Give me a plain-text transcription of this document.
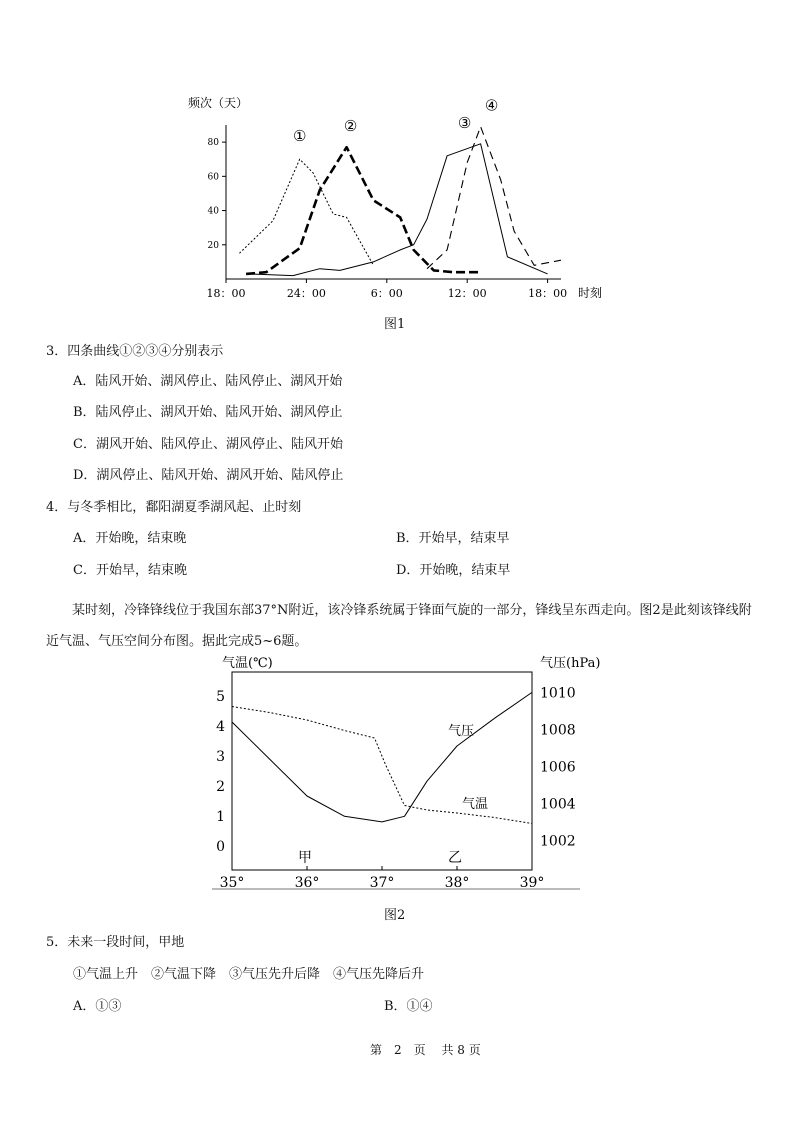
频次（天）
20
40
60
80
18：00	24：00	6：00	12：00	18：00 时刻
①
②	③
④
图1
3．四条曲线①②③④分别表示
A．陆风开始、湖风停止、陆风停止、湖风开始
B．陆风停止、湖风开始、陆风开始、湖风停止
C．湖风开始、陆风停止、湖风停止、陆风开始
D．湖风停止、陆风开始、湖风开始、陆风停止
4．与冬季相比，鄱阳湖夏季湖风起、止时刻
A．开始晚，结束晚	B．开始早，结束早
C．开始早，结束晚	D．开始晚，结束早
某时刻，冷锋锋线位于我国东部37°N附近，该冷锋系统属于锋面气旋的一部分，锋线呈东西走向。图2是此刻该锋线附近气温、气压空间分布图。据此完成5~6题。
气温(℃)	气压(hPa)
0
1
2
3
4
5
1002
1004
1006
1008
1010
35°	36°	37°	38°	39°
甲	乙
气压
气温
图2
5．未来一段时间，甲地
①气温上升　②气温下降　③气压先升后降　④气压先降后升
A．①③	B．①④
第　2　页　 共 8 页
